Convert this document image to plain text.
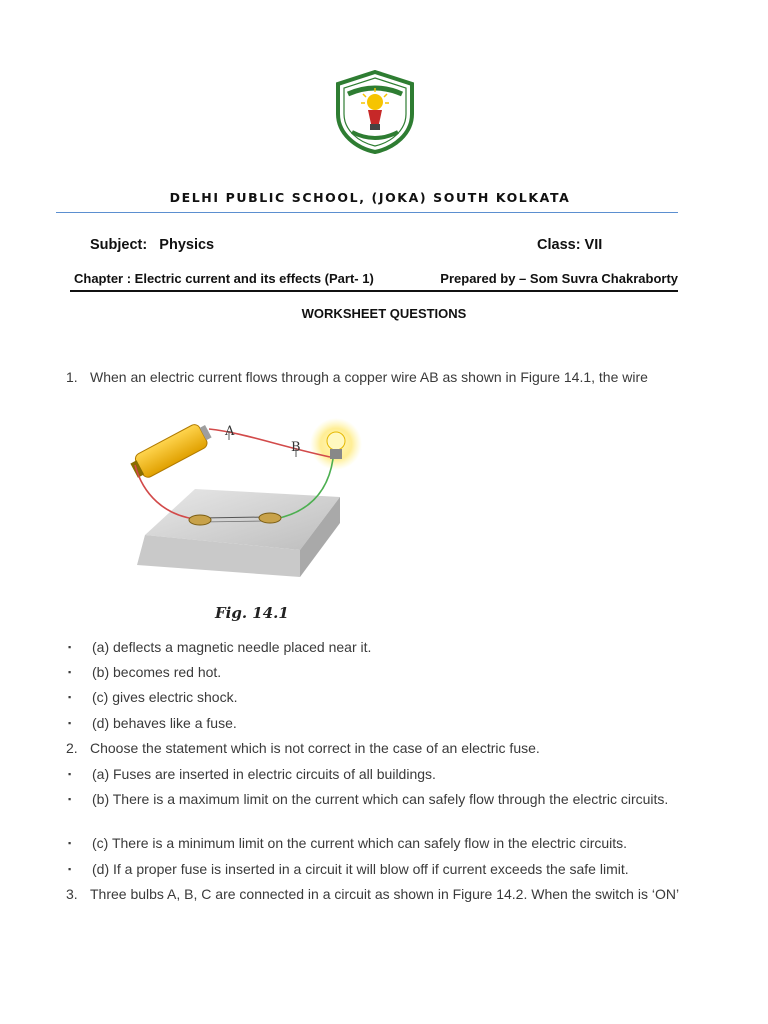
DELHI PUBLIC SCHOOL, (JOKA) SOUTH KOLKATA
Subject:   Physics	Class: VII
Chapter : Electric current and its effects (Part- 1)	Prepared by – Som Suvra Chakraborty
WORKSHEET QUESTIONS
1. When an electric current flows through a copper wire AB as shown in Figure 14.1, the wire
A
B
Fig. 14.1
▪	(a) deflects a magnetic needle placed near it.
▪	(b) becomes red hot.
▪	(c) gives electric shock.
▪	(d) behaves like a fuse.
2. Choose the statement which is not correct in the case of an electric fuse.
▪	(a) Fuses are inserted in electric circuits of all buildings.
▪	(b) There is a maximum limit on the current which can safely flow through the electric circuits.
▪	(c) There is a minimum limit on the current which can safely flow in the electric circuits.
▪	(d) If a proper fuse is inserted in a circuit it will blow off if current exceeds the safe limit.
3. Three bulbs A, B, C are connected in a circuit as shown in Figure 14.2. When the switch is ‘ON’
